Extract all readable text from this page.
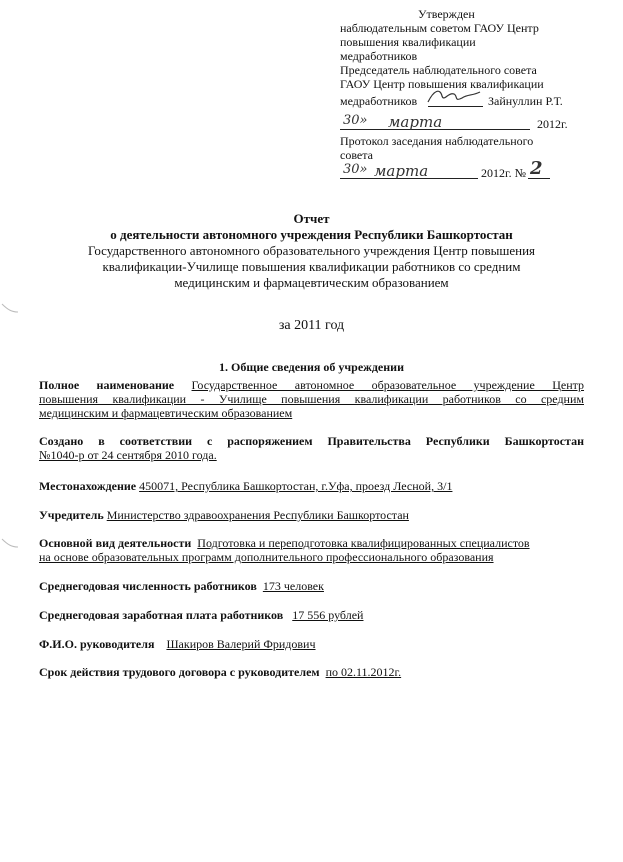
Утвержден
наблюдательным советом ГАОУ Центр
повышения квалификации
медработников
Председатель наблюдательного совета
ГАОУ Центр повышения квалификации
медработников	Зайнуллин Р.Т.
30» марта	2012г.
Протокол заседания наблюдательного
совета
30» марта	2012г. № 2
Отчет
о деятельности автономного учреждения Республики Башкортостан
Государственного автономного образовательного учреждения Центр повышения
квалификации-Училище повышения квалификации работников со средним
медицинским и фармацевтическим образованием
за 2011 год
1. Общие сведения об учреждении
Полное наименование Государственное автономное образовательное учреждение Центр
повышения квалификации - Училище повышения квалификации работников со средним
медицинским и фармацевтическим образованием
Создано в соответствии с распоряжением Правительства Республики Башкортостан
№1040-р от 24 сентября 2010 года.
Местонахождение 450071, Республика Башкортостан, г.Уфа, проезд Лесной, 3/1
Учредитель Министерство здравоохранения Республики Башкортостан
Основной вид деятельности Подготовка и переподготовка квалифицированных специалистов
на основе образовательных программ дополнительного профессионального образования
Среднегодовая численность работников 173 человек
Среднегодовая заработная плата работников 17 556 рублей
Ф.И.О. руководителя Шакиров Валерий Фридович
Срок действия трудового договора с руководителем по 02.11.2012г.
